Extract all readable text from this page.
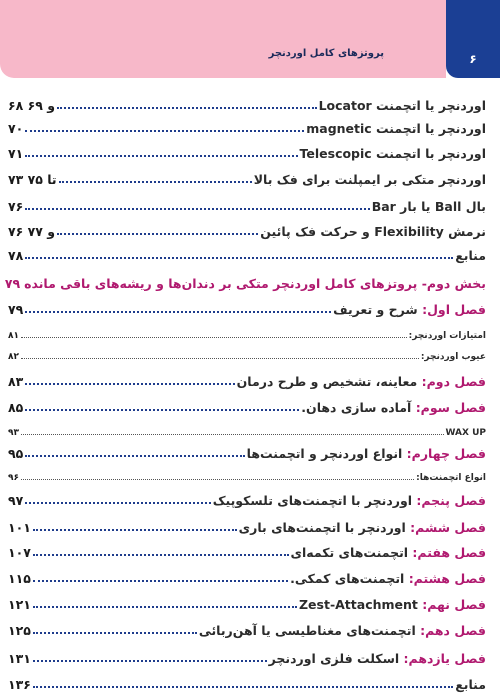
پروتزهای کامل اوردنچر	۶
اوردنچر یا اتچمنت Locator
۶۸ و ۶۹
اوردنچر یا اتچمنت magnetic
۷۰
اوردنچر با اتچمنت Telescopic
۷۱
اوردنچر متکی بر ایمپلنت برای فک بالا
۷۳ تا ۷۵
بال Ball یا بار Bar
۷۶
نرمش Flexibility و حرکت فک پائین
۷۶ و ۷۷
منابع
۷۸
بخش دوم- پروتزهای کامل اوردنچر متکی بر دندان‌ها و ریشه‌های باقی مانده
۷۹
فصل اول: شرح و تعریف
۷۹
امتیازات اوردنچر:
۸۱
عیوب اوردنچر:
۸۲
فصل دوم: معاینه، تشخیص و طرح درمان
۸۳
فصل سوم: آماده سازی دهان.
۸۵
WAX UP
۹۳
فصل چهارم: انواع اوردنچر و اتچمنت‌ها
۹۵
انواع اتچمنت‌ها:
۹۶
فصل پنجم: اوردنچر با اتچمنت‌های تلسکوپیک
۹۷
فصل ششم: اوردنچر با اتچمنت‌های باری
۱۰۱
فصل هفتم: اتچمنت‌های تکمه‌ای
۱۰۷
فصل هشتم: اتچمنت‌های کمکی.
۱۱۵
فصل نهم: Zest-Attachment
۱۲۱
فصل دهم: اتچمنت‌های مغناطیسی یا آهن‌ربائی
۱۲۵
فصل یازدهم: اسکلت فلزی اوردنچر
۱۳۱
منابع
۱۳۶
